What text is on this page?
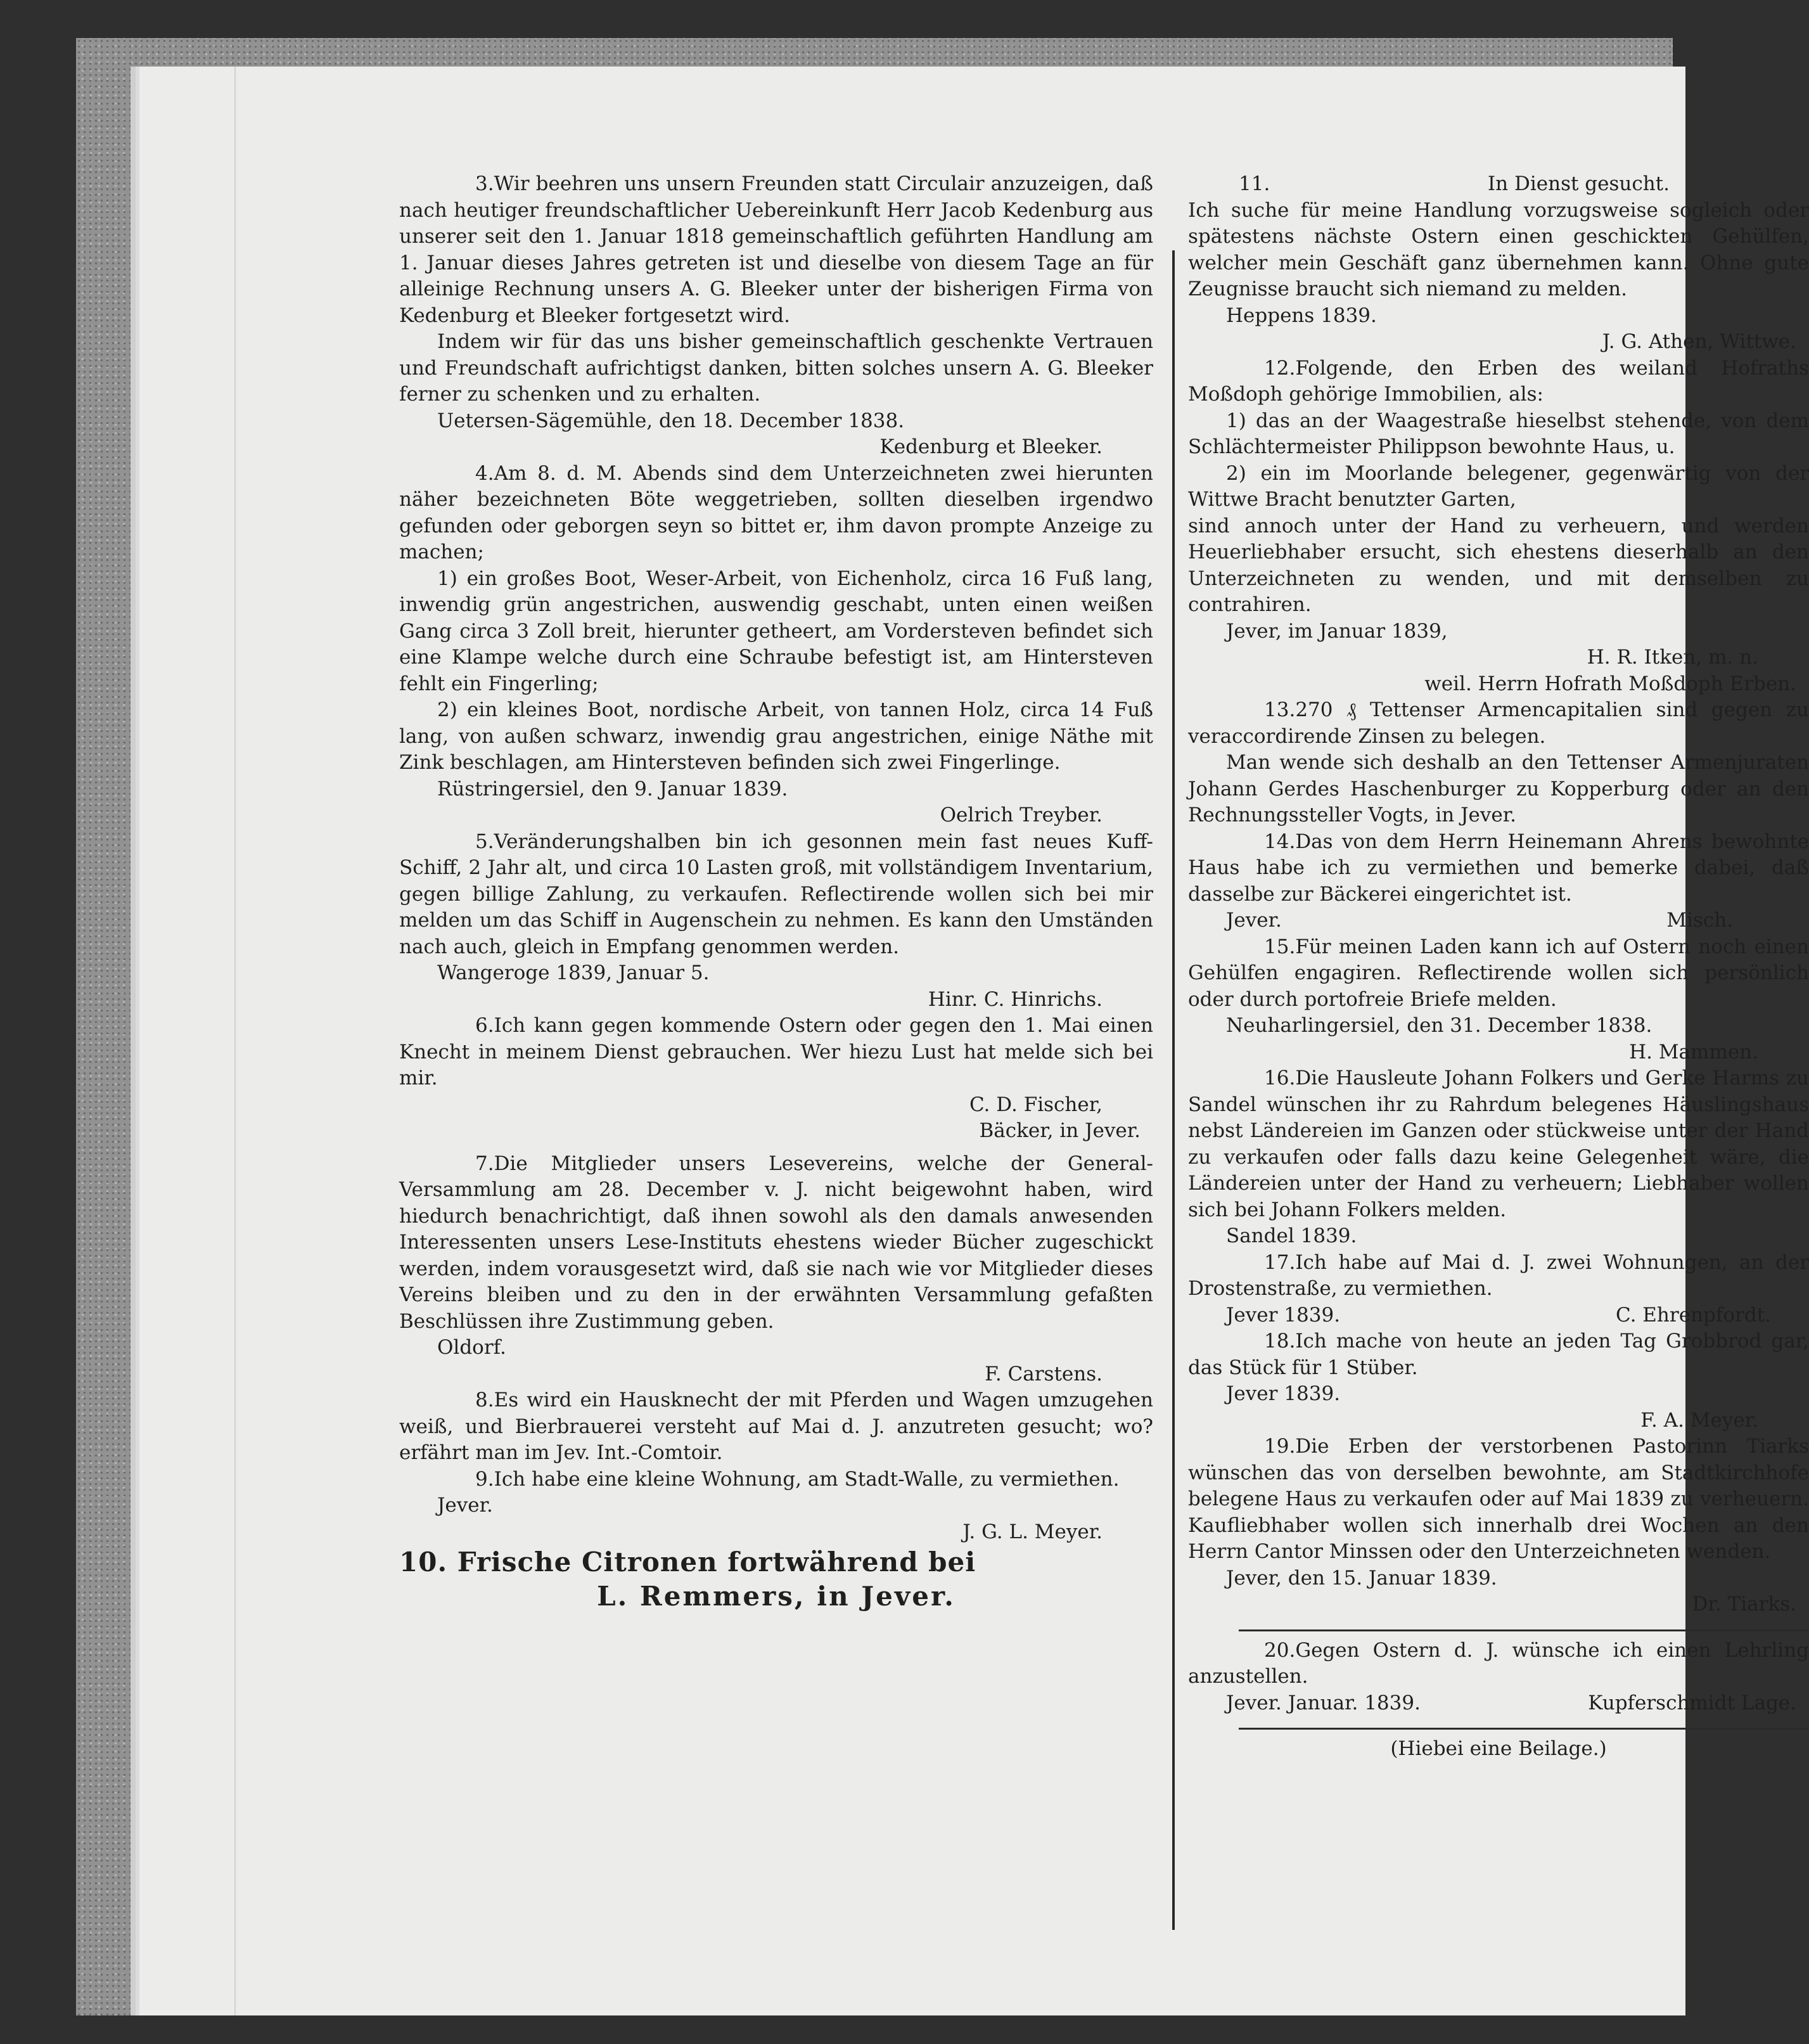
3.Wir beehren uns unsern Freunden statt Circulair anzuzeigen, daß nach heutiger freundschaftlicher Uebereinkunft Herr Jacob Kedenburg aus unserer seit den 1. Januar 1818 gemeinschaftlich geführten Handlung am 1. Januar dieses Jahres getreten ist und dieselbe von diesem Tage an für alleinige Rechnung unsers A. G. Bleeker unter der bisherigen Firma von Kedenburg et Bleeker fortgesetzt wird.

Indem wir für das uns bisher gemeinschaftlich geschenkte Vertrauen und Freundschaft aufrichtigst danken, bitten solches unsern A. G. Bleeker ferner zu schenken und zu erhalten.

Uetersen-Sägemühle, den 18. December 1838.

Kedenburg et Bleeker.

4.Am 8. d. M. Abends sind dem Unterzeichneten zwei hierunten näher bezeichneten Böte weggetrieben, sollten dieselben irgendwo gefunden oder geborgen seyn so bittet er, ihm davon prompte Anzeige zu machen;

1) ein großes Boot, Weser-Arbeit, von Eichenholz, circa 16 Fuß lang, inwendig grün angestrichen, auswendig geschabt, unten einen weißen Gang circa 3 Zoll breit, hierunter getheert, am Vordersteven befindet sich eine Klampe welche durch eine Schraube befestigt ist, am Hintersteven fehlt ein Fingerling;

2) ein kleines Boot, nordische Arbeit, von tannen Holz, circa 14 Fuß lang, von außen schwarz, inwendig grau angestrichen, einige Näthe mit Zink beschlagen, am Hintersteven befinden sich zwei Fingerlinge.

Rüstringersiel, den 9. Januar 1839.

Oelrich Treyber.

5.Veränderungshalben bin ich gesonnen mein fast neues Kuff-Schiff, 2 Jahr alt, und circa 10 Lasten groß, mit vollständigem Inventarium, gegen billige Zahlung, zu verkaufen. Reflectirende wollen sich bei mir melden um das Schiff in Augenschein zu nehmen. Es kann den Umständen nach auch, gleich in Empfang genommen werden.

Wangeroge 1839, Januar 5.

Hinr. C. Hinrichs.

6.Ich kann gegen kommende Ostern oder gegen den 1. Mai einen Knecht in meinem Dienst gebrauchen. Wer hiezu Lust hat melde sich bei mir.

C. D. Fischer,

Bäcker, in Jever.

7.Die Mitglieder unsers Lesevereins, welche der General-Versammlung am 28. December v. J. nicht beigewohnt haben, wird hiedurch benachrichtigt, daß ihnen sowohl als den damals anwesenden Interessenten unsers Lese-Instituts ehestens wieder Bücher zugeschickt werden, indem vorausgesetzt wird, daß sie nach wie vor Mitglieder dieses Vereins bleiben und zu den in der erwähnten Versammlung gefaßten Beschlüssen ihre Zustimmung geben.

Oldorf.

F. Carstens.

8.Es wird ein Hausknecht der mit Pferden und Wagen umzugehen weiß, und Bierbrauerei versteht auf Mai d. J. anzutreten gesucht; wo? erfährt man im Jev. Int.-Comtoir.

9.Ich habe eine kleine Wohnung, am Stadt-Walle, zu vermiethen.

Jever.

J. G. L. Meyer.

10. Frische Citronen fortwährend bei

L. Remmers, in Jever.

11.	In Dienst gesucht.

Ich suche für meine Handlung vorzugsweise sogleich oder spätestens nächste Ostern einen geschickten Gehülfen, welcher mein Geschäft ganz übernehmen kann. Ohne gute Zeugnisse braucht sich niemand zu melden.

Heppens 1839.

J. G. Athen, Wittwe.

12.Folgende, den Erben des weiland Hofraths Moßdoph gehörige Immobilien, als:

1) das an der Waagestraße hieselbst stehende, von dem Schlächtermeister Philippson bewohnte Haus, u.

2) ein im Moorlande belegener, gegenwärtig von der Wittwe Bracht benutzter Garten,

sind annoch unter der Hand zu verheuern, und werden Heuerliebhaber ersucht, sich ehestens dieserhalb an den Unterzeichneten zu wenden, und mit demselben zu contrahiren.

Jever, im Januar 1839,

H. R. Itken, m. n.

weil. Herrn Hofrath Moßdoph Erben.

13.270 ₰ Tettenser Armencapitalien sind gegen zu veraccordirende Zinsen zu belegen.

Man wende sich deshalb an den Tettenser Armenjuraten Johann Gerdes Haschenburger zu Kopperburg oder an den Rechnungssteller Vogts, in Jever.

14.Das von dem Herrn Heinemann Ahrens bewohnte Haus habe ich zu vermiethen und bemerke dabei, daß dasselbe zur Bäckerei eingerichtet ist.

Jever.	Misch.

15.Für meinen Laden kann ich auf Ostern noch einen Gehülfen engagiren. Reflectirende wollen sich persönlich oder durch portofreie Briefe melden.

Neuharlingersiel, den 31. December 1838.

H. Mammen.

16.Die Hausleute Johann Folkers und Gerke Harms zu Sandel wünschen ihr zu Rahrdum belegenes Häuslingshaus nebst Ländereien im Ganzen oder stückweise unter der Hand zu verkaufen oder falls dazu keine Gelegenheit wäre, die Ländereien unter der Hand zu verheuern; Liebhaber wollen sich bei Johann Folkers melden.

Sandel 1839.

17.Ich habe auf Mai d. J. zwei Wohnungen, an der Drostenstraße, zu vermiethen.

Jever 1839.	C. Ehrenpfordt.

18.Ich mache von heute an jeden Tag Grobbrod gar, das Stück für 1 Stüber.

Jever 1839.

F. A. Meyer.

19.Die Erben der verstorbenen Pastorinn Tiarks wünschen das von derselben bewohnte, am Stadtkirchhofe belegene Haus zu verkaufen oder auf Mai 1839 zu verheuern. Kaufliebhaber wollen sich innerhalb drei Wochen an den Herrn Cantor Minssen oder den Unterzeichneten wenden.

Jever, den 15. Januar 1839.

Dr. Tiarks.

20.Gegen Ostern d. J. wünsche ich einen Lehrling anzustellen.

Jever. Januar. 1839.	Kupferschmidt Lage.

(Hiebei eine Beilage.)
